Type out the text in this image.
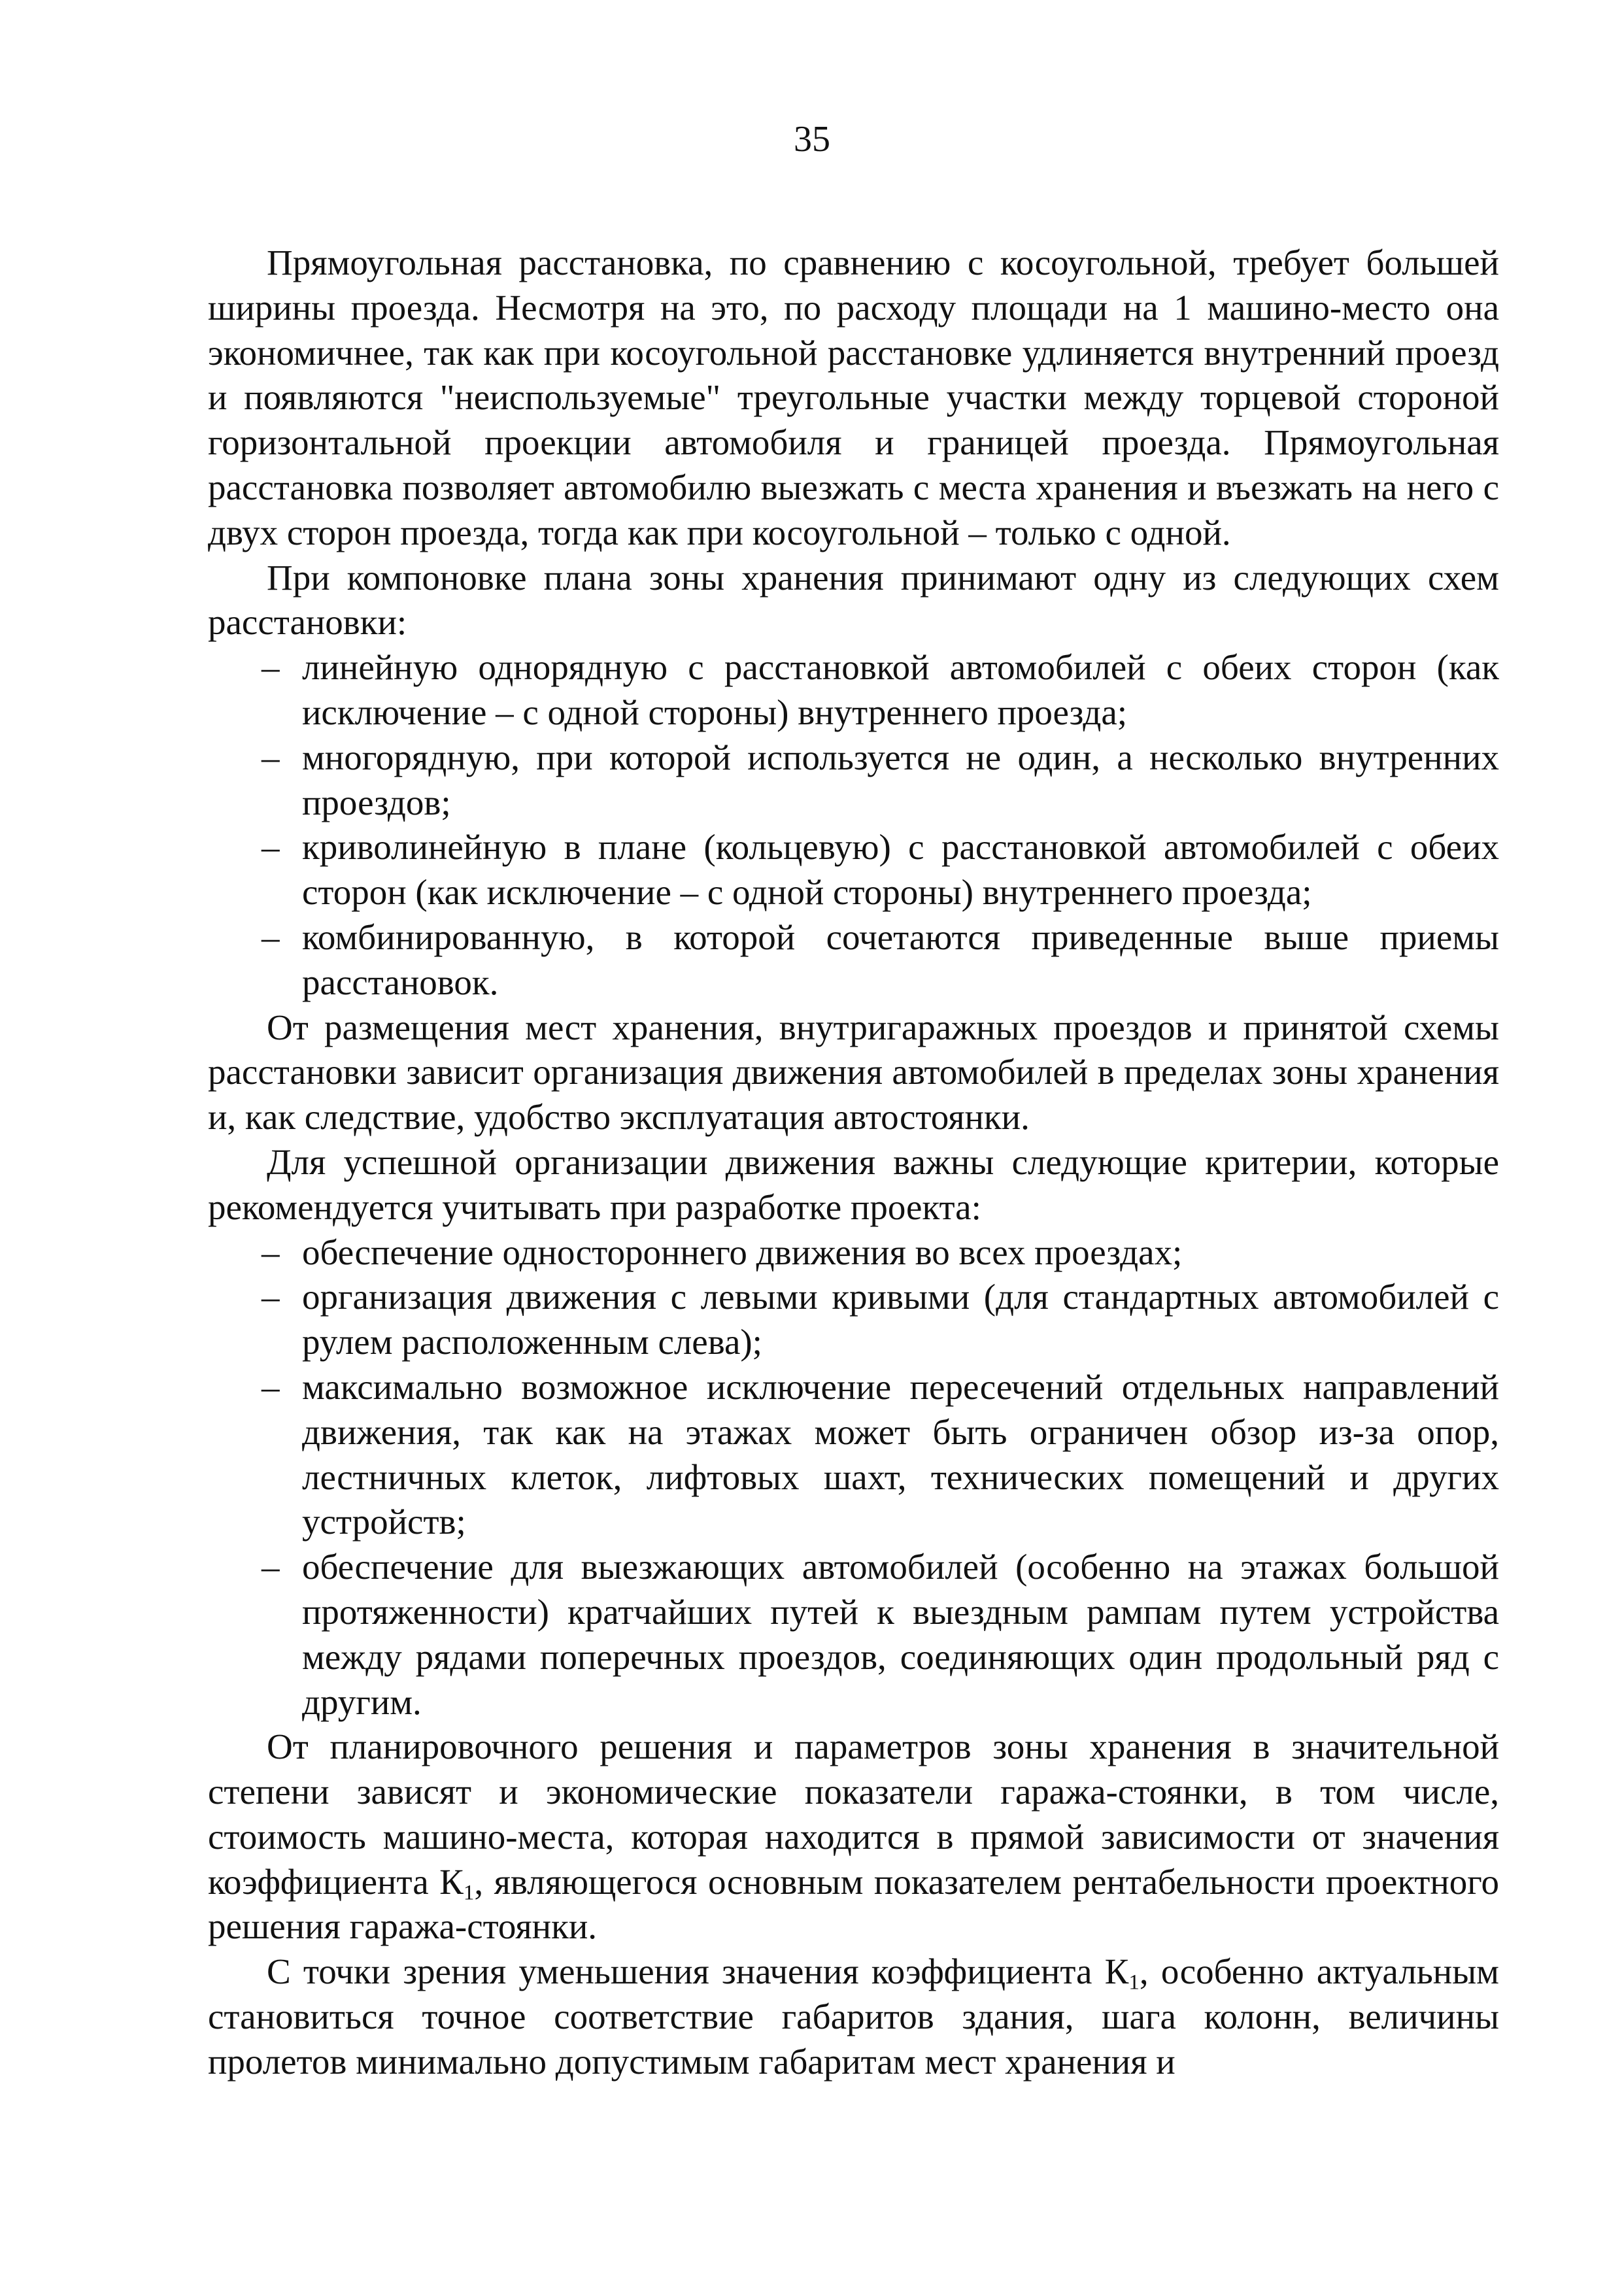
35

Прямоугольная расстановка, по сравнению с косоугольной, требует большей ширины проезда. Несмотря на это, по расходу площади на 1 машино-место она экономичнее, так как при косоугольной расстановке удлиняется внутренний проезд и появляются "неиспользуемые" треугольные участки между торцевой стороной горизонтальной проекции автомобиля и границей проезда. Прямоугольная расстановка позволяет автомобилю выезжать с места хранения и въезжать на него с двух сторон проезда, тогда как при косоугольной – только с одной.

При компоновке плана зоны хранения принимают одну из следующих схем расстановки:

– линейную однорядную с расстановкой автомобилей с обеих сторон (как исключение – с одной стороны) внутреннего проезда;
– многорядную, при которой используется не один, а несколько внутренних проездов;
– криволинейную в плане (кольцевую) с расстановкой автомобилей с обеих сторон (как исключение – с одной стороны) внутреннего проезда;
– комбинированную, в которой сочетаются приведенные выше приемы расстановок.

От размещения мест хранения, внутригаражных проездов и принятой схемы расстановки зависит организация движения автомобилей в пределах зоны хранения и, как следствие, удобство эксплуатация автостоянки.

Для успешной организации движения важны следующие критерии, которые рекомендуется учитывать при разработке проекта:

– обеспечение одностороннего движения во всех проездах;
– организация движения с левыми кривыми (для стандартных автомобилей с рулем расположенным слева);
– максимально возможное исключение пересечений отдельных направлений движения, так как на этажах может быть ограничен обзор из-за опор, лестничных клеток, лифтовых шахт, технических помещений и других устройств;
– обеспечение для выезжающих автомобилей (особенно на этажах большой протяженности) кратчайших путей к выездным рампам путем устройства между рядами поперечных проездов, соединяющих один продольный ряд с другим.

От планировочного решения и параметров зоны хранения в значительной степени зависят и экономические показатели гаража-стоянки, в том числе, стоимость машино-места, которая находится в прямой зависимости от значения коэффициента $К_1$, являющегося основным показателем рентабельности проектного решения гаража-стоянки.

С точки зрения уменьшения значения коэффициента $К_1$, особенно актуальным становиться точное соответствие габаритов здания, шага колонн, величины пролетов минимально допустимым габаритам мест хранения и
